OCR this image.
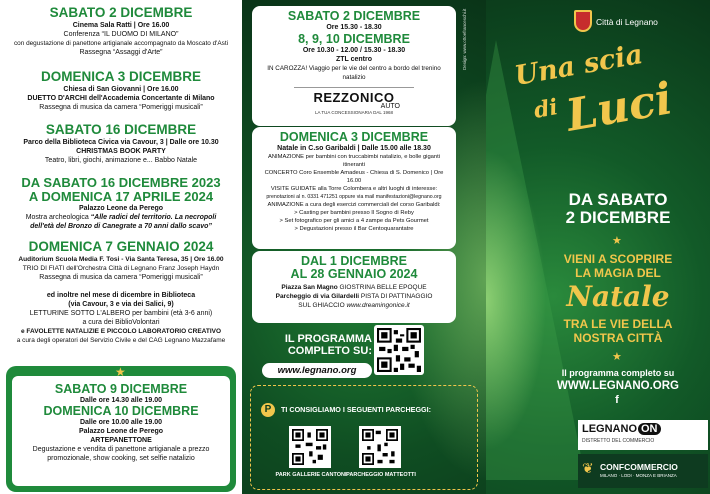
SABATO 2 DICEMBRE
Cinema Sala Ratti | Ore 16.00
Conferenza “IL DUOMO DI MILANO”
con degustazione di panettone artigianale accompagnato da Moscato d'Asti
Rassegna “Assaggi d'Arte”
DOMENICA 3 DICEMBRE
Chiesa di San Giovanni | Ore 16.00
DUETTO D'ARCHI dell'Accademia Concertante di Milano
Rassegna di musica da camera “Pomeriggi musicali”
SABATO 16 DICEMBRE
Parco della Biblioteca Civica via Cavour, 3 | Dalle ore 10.30
CHRISTMAS BOOK PARTY
Teatro, libri, giochi, animazione e... Babbo Natale
DA SABATO 16 DICEMBRE 2023
A DOMENICA 17 APRILE 2024
Palazzo Leone da Perego
Mostra archeologica “Alle radici del territorio. La necropoli
dell'età del Bronzo di Canegrate a 70 anni dallo scavo”
DOMENICA 7 GENNAIO 2024
Auditorium Scuola Media F. Tosi - Via Santa Teresa, 35 | Ore 16.00
TRIO DI FIATI dell'Orchestra Città di Legnano Franz Joseph Haydn
Rassegna di musica da camera “Pomeriggi musicali”
ed inoltre nel mese di dicembre in Biblioteca
(via Cavour, 3 e via dei Salici, 9)
LETTURINE SOTTO L'ALBERO per bambini (età 3-6 anni)
a cura dei BiblioVolontari
e FAVOLETTE NATALIZIE E PICCOLO LABORATORIO CREATIVO
a cura degli operatori del Servizio Civile e del CAG Legnano Mazzafame
SABATO 9 DICEMBRE
Dalle ore 14.30 alle 19.00
DOMENICA 10 DICEMBRE
Dalle ore 10.00 alle 19.00
Palazzo Leone de Perego
ARTEPANETTONE
Degustazione e vendita di panettone artigianale a prezzo
promozionale, show cooking, set selfie natalizio
★
SABATO 2 DICEMBRE
Ore 15.30 - 18.30
8, 9, 10 DICEMBRE
Ore 10.30 - 12.00 / 15.30 - 18.30
ZTL centro
IN CAROZZA! Viaggio per le vie del centro a bordo del trenino natalizio
REZZONICO
AUTO
LA TUA CONCESSIONARIA DAL 1968
DOMENICA 3 DICEMBRE
Natale in C.so Garibaldi | Dalle 15.00 alle 18.30
ANIMAZIONE per bambini con truccabimbi natalizio, e bolle giganti itineranti
CONCERTO Coro Ensemble Amadeus - Chiesa di S. Domenico | Ore 16.00
VISITE GUIDATE alla Torre Colombera e altri luoghi di interesse:
prenotazioni al n. 0331 471251 oppure via mail manifestazioni@legnano.org
ANIMAZIONE a cura degli esercizi commerciali del corso Garibaldi:
> Casting per bambini presso Il Sogno di Reby
> Set fotografico per gli amici a 4 zampe da Pets Gourmet
> Degustazioni presso il Bar Centoquarantatre
DAL 1 DICEMBRE
AL 28 GENNAIO 2024
Piazza San Magno GIOSTRINA BELLE EPOQUE
Parcheggio di via Gilardelli PISTA DI PATTINAGGIO
SUL GHIACCIO www.dreamingonice.it
IL PROGRAMMA
COMPLETO SU:
www.legnano.org
P	TI CONSIGLIAMO I SEGUENTI PARCHEGGI:
PARK GALLERIE CANTONI PARCHEGGIO MATTEOTTI
Design: www.ottoefranceschi.it	Città di Legnano
Una scia
di Luci
DA SABATO
2 DICEMBRE
★
VIENI A SCOPRIRE
LA MAGIA DEL
Natale
TRA LE VIE DELLA
NOSTRA CITTÀ
★
Il programma completo su
WWW.LEGNANO.ORG
f
LEGNANO ON
DISTRETTO DEL COMMERCIO
❦ CONFCOMMERCIO
MILANO · LODI · MONZA E BRIANZA
